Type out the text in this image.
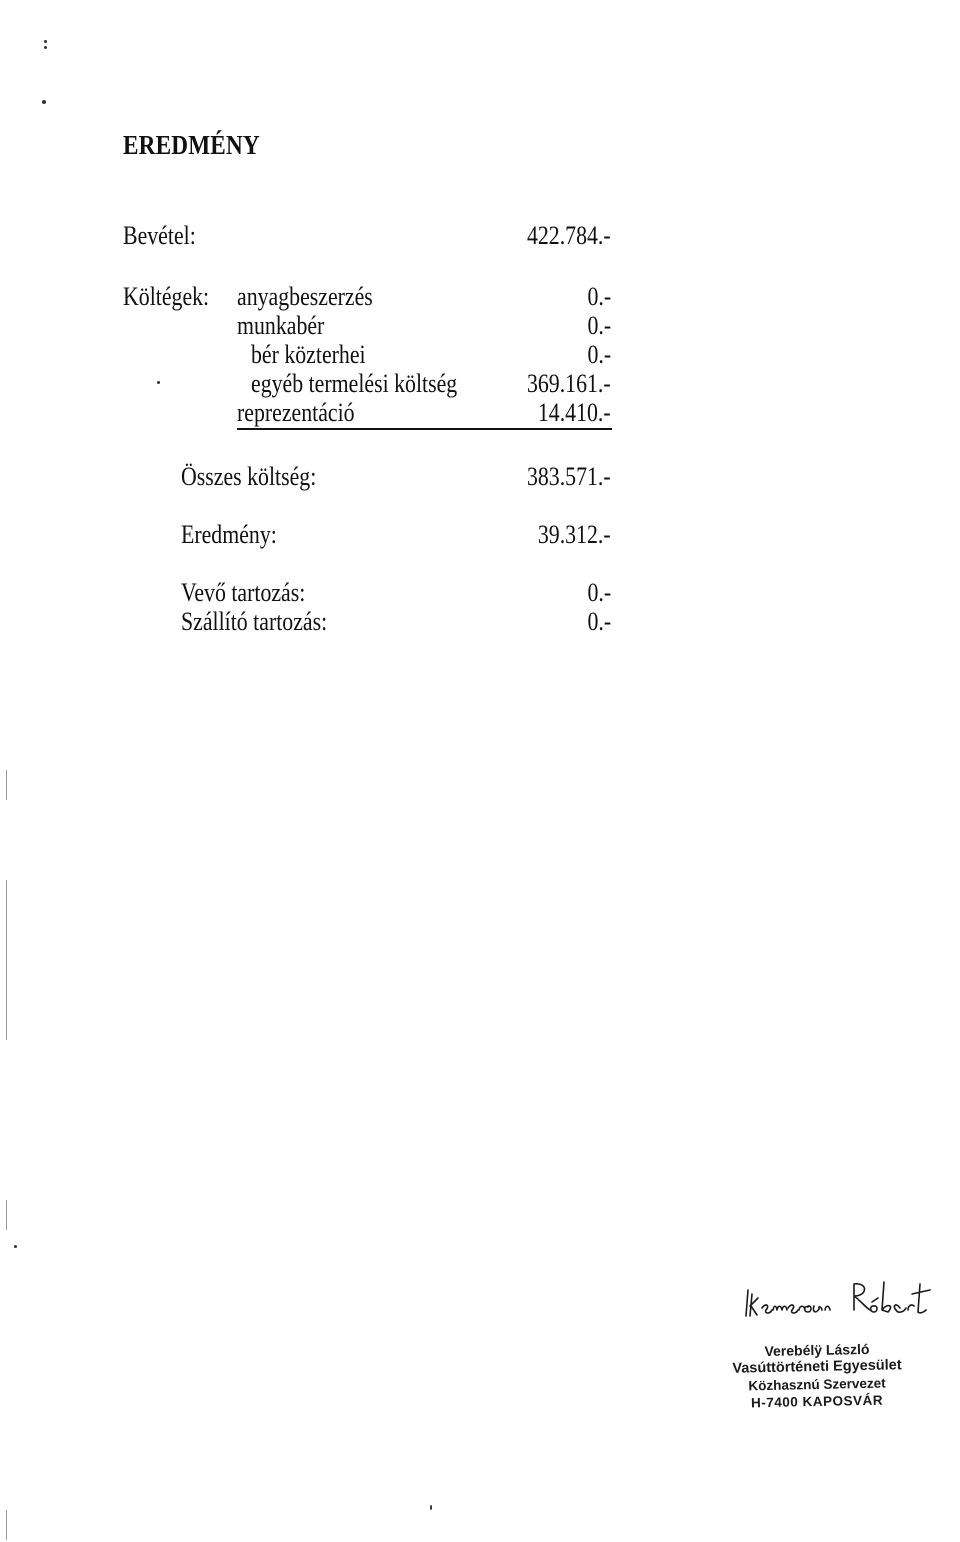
EREDMÉNY
Bevétel:	422.784.-
Költégek: anyagbeszerzés	0.-
munkabér	0.-
bér közterhei	0.-
egyéb termelési költség	369.161.-
reprezentáció	14.410.-
Összes költség:	383.571.-
Eredmény:	39.312.-
Vevő tartozás:	0.-
Szállító tartozás:	0.-
Verebélÿ László
Vasúttörténeti Egyesület
Közhasznú Szervezet
H-7400 KAPOSVÁR
